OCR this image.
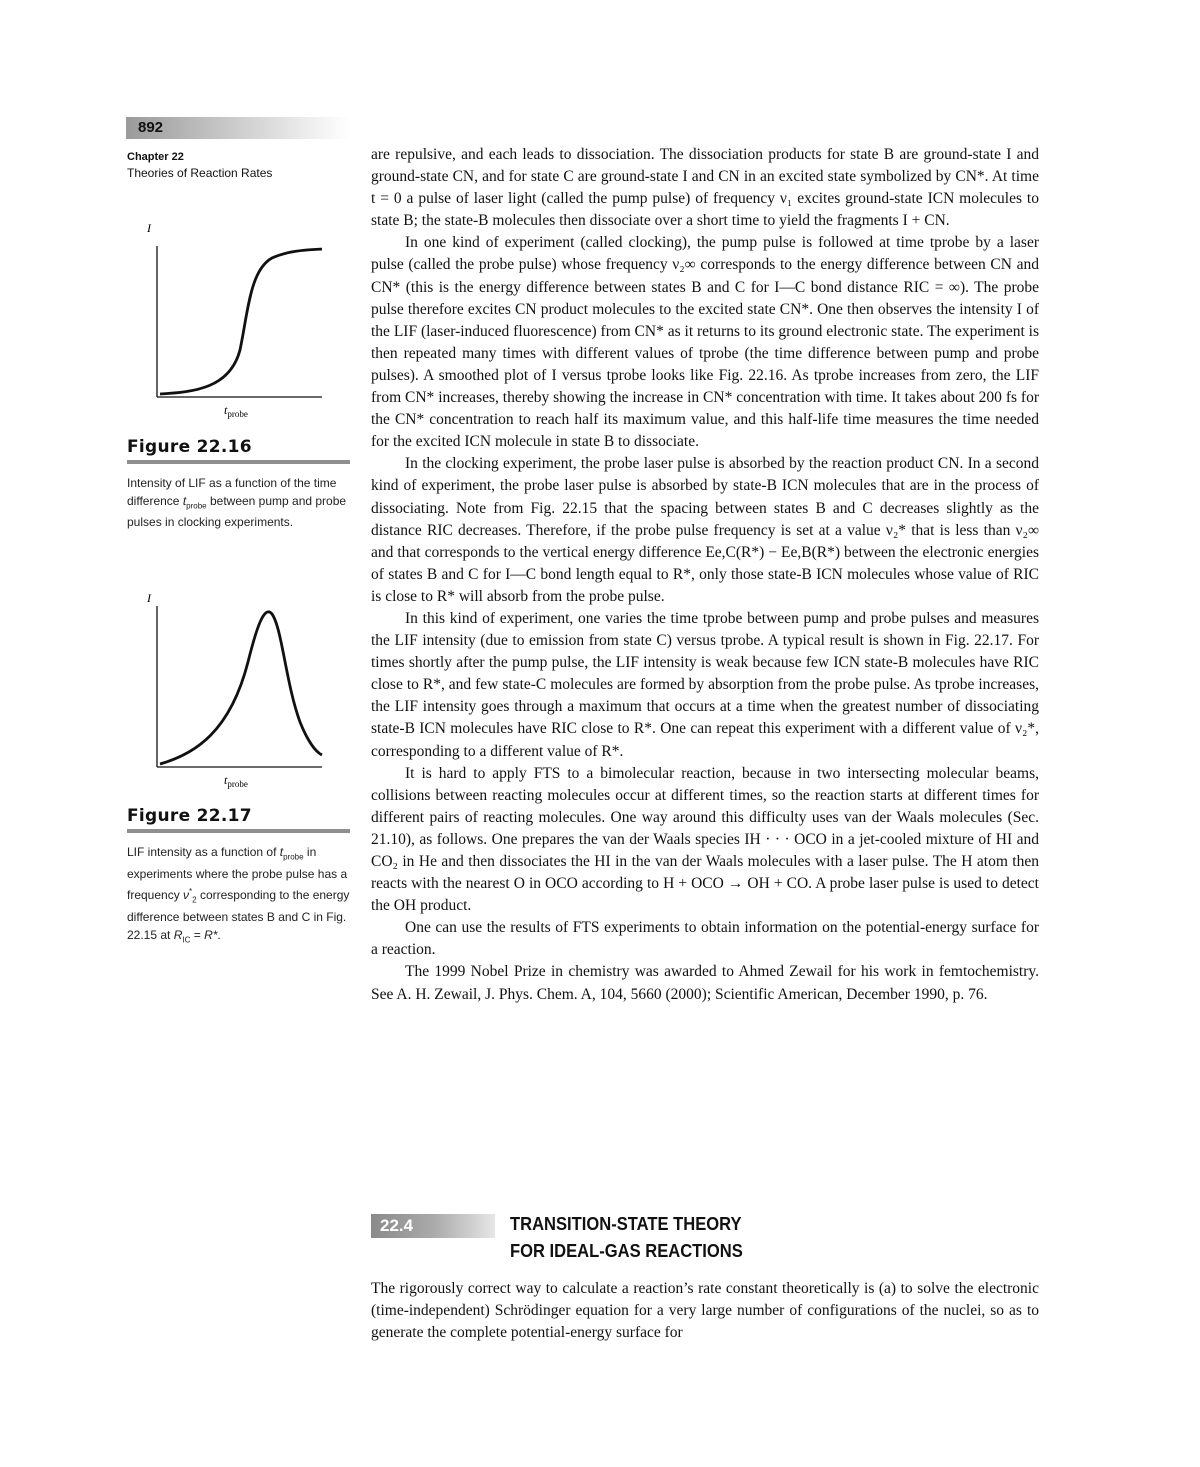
892
Chapter 22
Theories of Reaction Rates
I
$t_{probe}$
Figure 22.16
Intensity of LIF as a function of the time difference $t_{probe}$ between pump and probe pulses in clocking experiments.
I
$t_{probe}$
Figure 22.17
LIF intensity as a function of $t_{probe}$ in experiments where the probe pulse has a frequency $\nu^*_2$ corresponding to the energy difference between states B and C in Fig. 22.15 at $R_{IC} = R*$.

are repulsive, and each leads to dissociation. The dissociation products for state B are ground-state I and ground-state CN, and for state C are ground-state I and CN in an excited state symbolized by CN*. At time t = 0 a pulse of laser light (called the pump pulse) of frequency ν₁ excites ground-state ICN molecules to state B; the state-B molecules then dissociate over a short time to yield the fragments I + CN.

In one kind of experiment (called clocking), the pump pulse is followed at time tprobe by a laser pulse (called the probe pulse) whose frequency ν₂∞ corresponds to the energy difference between CN and CN* (this is the energy difference between states B and C for I—C bond distance RIC = ∞). The probe pulse therefore excites CN product molecules to the excited state CN*. One then observes the intensity I of the LIF (laser-induced fluorescence) from CN* as it returns to its ground electronic state. The experiment is then repeated many times with different values of tprobe (the time difference between pump and probe pulses). A smoothed plot of I versus tprobe looks like Fig. 22.16. As tprobe increases from zero, the LIF from CN* increases, thereby showing the increase in CN* concentration with time. It takes about 200 fs for the CN* concentration to reach half its maximum value, and this half-life time measures the time needed for the excited ICN molecule in state B to dissociate.

In the clocking experiment, the probe laser pulse is absorbed by the reaction product CN. In a second kind of experiment, the probe laser pulse is absorbed by state-B ICN molecules that are in the process of dissociating. Note from Fig. 22.15 that the spacing between states B and C decreases slightly as the distance RIC decreases. Therefore, if the probe pulse frequency is set at a value ν₂* that is less than ν₂∞ and that corresponds to the vertical energy difference Ee,C(R*) − Ee,B(R*) between the electronic energies of states B and C for I—C bond length equal to R*, only those state-B ICN molecules whose value of RIC is close to R* will absorb from the probe pulse.

In this kind of experiment, one varies the time tprobe between pump and probe pulses and measures the LIF intensity (due to emission from state C) versus tprobe. A typical result is shown in Fig. 22.17. For times shortly after the pump pulse, the LIF intensity is weak because few ICN state-B molecules have RIC close to R*, and few state-C molecules are formed by absorption from the probe pulse. As tprobe increases, the LIF intensity goes through a maximum that occurs at a time when the greatest number of dissociating state-B ICN molecules have RIC close to R*. One can repeat this experiment with a different value of ν₂*, corresponding to a different value of R*.

It is hard to apply FTS to a bimolecular reaction, because in two intersecting molecular beams, collisions between reacting molecules occur at different times, so the reaction starts at different times for different pairs of reacting molecules. One way around this difficulty uses van der Waals molecules (Sec. 21.10), as follows. One prepares the van der Waals species IH · · · OCO in a jet-cooled mixture of HI and CO₂ in He and then dissociates the HI in the van der Waals molecules with a laser pulse. The H atom then reacts with the nearest O in OCO according to H + OCO → OH + CO. A probe laser pulse is used to detect the OH product.

One can use the results of FTS experiments to obtain information on the potential-energy surface for a reaction.

The 1999 Nobel Prize in chemistry was awarded to Ahmed Zewail for his work in femtochemistry. See A. H. Zewail, J. Phys. Chem. A, 104, 5660 (2000); Scientific American, December 1990, p. 76.

22.4	TRANSITION-STATE THEORY
FOR IDEAL-GAS REACTIONS

The rigorously correct way to calculate a reaction’s rate constant theoretically is (a) to solve the electronic (time-independent) Schrödinger equation for a very large number of configurations of the nuclei, so as to generate the complete potential-energy surface for
